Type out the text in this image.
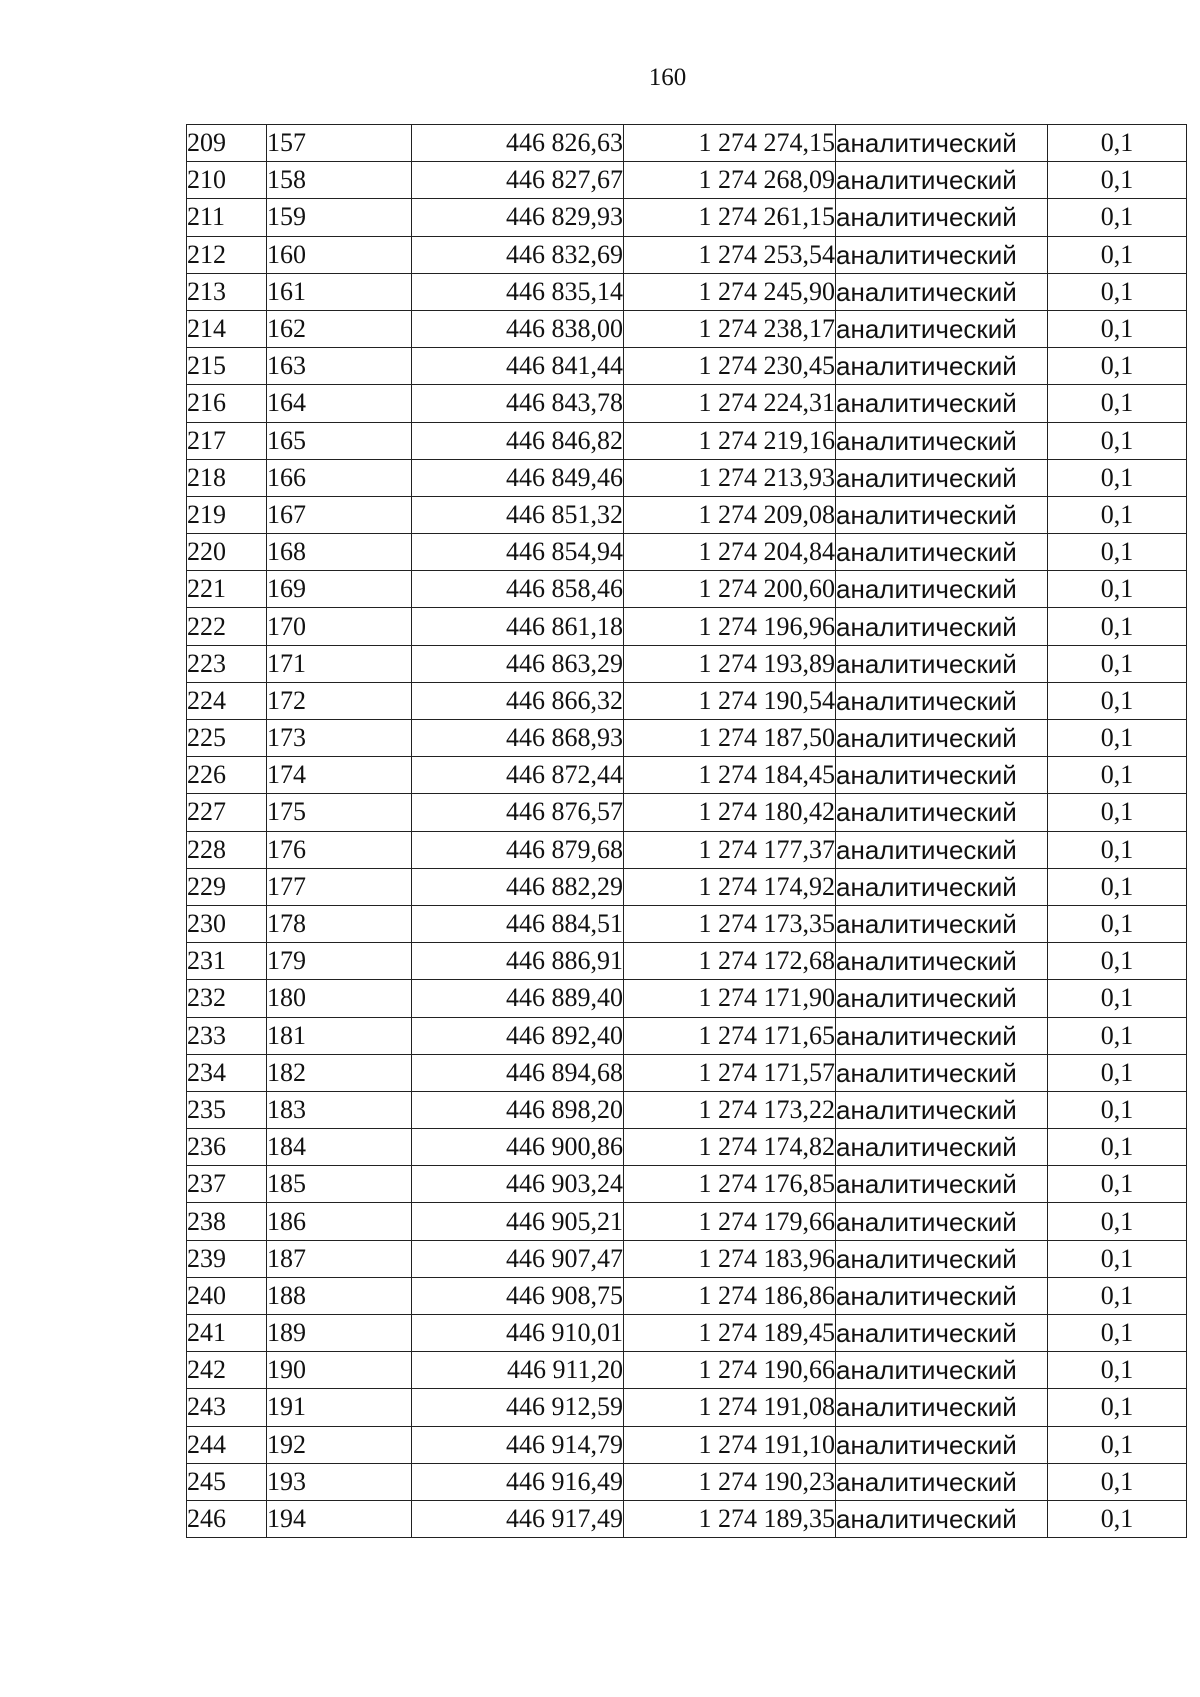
160
209	157	446 826,63	1 274 274,15	аналитический	0,1
210	158	446 827,67	1 274 268,09	аналитический	0,1
211	159	446 829,93	1 274 261,15	аналитический	0,1
212	160	446 832,69	1 274 253,54	аналитический	0,1
213	161	446 835,14	1 274 245,90	аналитический	0,1
214	162	446 838,00	1 274 238,17	аналитический	0,1
215	163	446 841,44	1 274 230,45	аналитический	0,1
216	164	446 843,78	1 274 224,31	аналитический	0,1
217	165	446 846,82	1 274 219,16	аналитический	0,1
218	166	446 849,46	1 274 213,93	аналитический	0,1
219	167	446 851,32	1 274 209,08	аналитический	0,1
220	168	446 854,94	1 274 204,84	аналитический	0,1
221	169	446 858,46	1 274 200,60	аналитический	0,1
222	170	446 861,18	1 274 196,96	аналитический	0,1
223	171	446 863,29	1 274 193,89	аналитический	0,1
224	172	446 866,32	1 274 190,54	аналитический	0,1
225	173	446 868,93	1 274 187,50	аналитический	0,1
226	174	446 872,44	1 274 184,45	аналитический	0,1
227	175	446 876,57	1 274 180,42	аналитический	0,1
228	176	446 879,68	1 274 177,37	аналитический	0,1
229	177	446 882,29	1 274 174,92	аналитический	0,1
230	178	446 884,51	1 274 173,35	аналитический	0,1
231	179	446 886,91	1 274 172,68	аналитический	0,1
232	180	446 889,40	1 274 171,90	аналитический	0,1
233	181	446 892,40	1 274 171,65	аналитический	0,1
234	182	446 894,68	1 274 171,57	аналитический	0,1
235	183	446 898,20	1 274 173,22	аналитический	0,1
236	184	446 900,86	1 274 174,82	аналитический	0,1
237	185	446 903,24	1 274 176,85	аналитический	0,1
238	186	446 905,21	1 274 179,66	аналитический	0,1
239	187	446 907,47	1 274 183,96	аналитический	0,1
240	188	446 908,75	1 274 186,86	аналитический	0,1
241	189	446 910,01	1 274 189,45	аналитический	0,1
242	190	446 911,20	1 274 190,66	аналитический	0,1
243	191	446 912,59	1 274 191,08	аналитический	0,1
244	192	446 914,79	1 274 191,10	аналитический	0,1
245	193	446 916,49	1 274 190,23	аналитический	0,1
246	194	446 917,49	1 274 189,35	аналитический	0,1
